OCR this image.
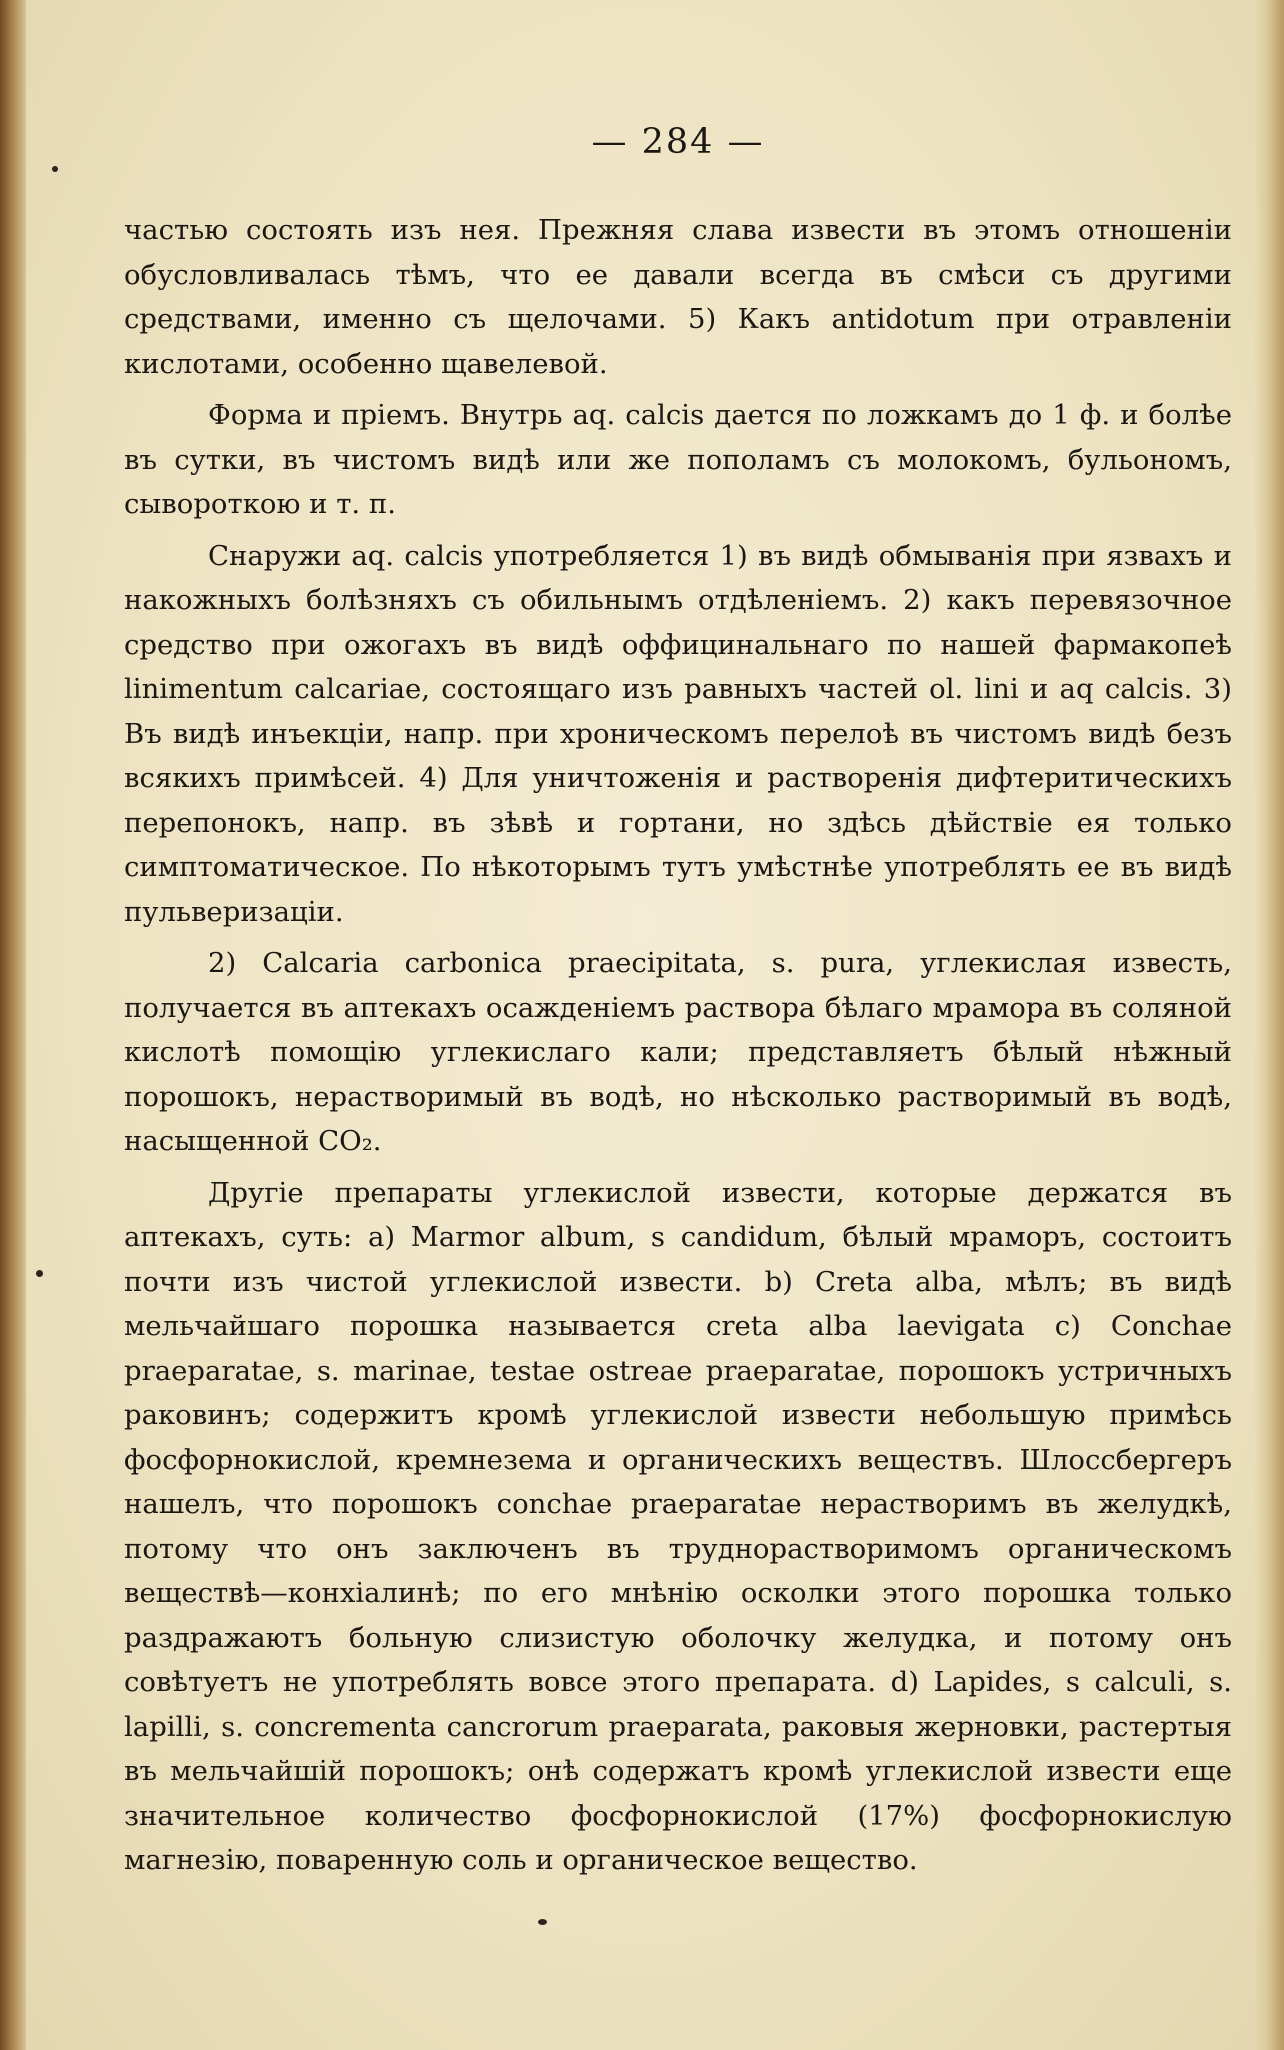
— 284 —

частью состоять изъ нея. Прежняя слава извести въ этомъ отношенiи обусловливалась тѣмъ, что ее давали всегда въ смѣси съ другими средствами, именно съ щелочами. 5) Какъ antidotum при отравленiи кислотами, особенно щавелевой.

Форма и прiемъ. Внутрь aq. calcis дается по ложкамъ до 1 ф. и болѣе въ сутки, въ чистомъ видѣ или же пополамъ съ молокомъ, бульономъ, сывороткою и т. п.

Снаружи aq. calcis употребляется 1) въ видѣ обмыванiя при язвахъ и накожныхъ болѣзняхъ съ обильнымъ отдѣленiемъ. 2) какъ перевязочное средство при ожогахъ въ видѣ оффицинальнаго по нашей фармакопеѣ linimentum calcariae, состоящаго изъ равныхъ частей ol. lini и aq calcis. 3) Въ видѣ инъекцiи, напр. при хроническомъ перелоѣ въ чистомъ видѣ безъ всякихъ примѣсей. 4) Для уничтоженiя и растворенiя дифтеритическихъ перепонокъ, напр. въ зѣвѣ и гортани, но здѣсь дѣйствiе ея только симптоматическое. По нѣкоторымъ тутъ умѣстнѣе употреблять ее въ видѣ пульверизацiи.

2) Calcaria carbonica praecipitata, s. pura, углекислая известь, получается въ аптекахъ осажденiемъ раствора бѣлаго мрамора въ соляной кислотѣ помощiю углекислаго кали; представляетъ бѣлый нѣжный порошокъ, нерастворимый въ водѣ, но нѣсколько растворимый въ водѣ, насыщенной CO₂.

Другiе препараты углекислой извести, которые держатся въ аптекахъ, суть: a) Marmor album, s candidum, бѣлый мраморъ, состоитъ почти изъ чистой углекислой извести. b) Creta alba, мѣлъ; въ видѣ мельчайшаго порошка называется creta alba laevigata c) Conchae praeparatae, s. marinae, testae ostreae praeparatae, порошокъ устричныхъ раковинъ; содержитъ кромѣ углекислой извести небольшую примѣсь фосфорнокислой, кремнезема и органическихъ веществъ. Шлоссбергеръ нашелъ, что порошокъ conchae praeparatae нерастворимъ въ желудкѣ, потому что онъ заключенъ въ труднорастворимомъ органическомъ веществѣ—конхiалинѣ; по его мнѣнiю осколки этого порошка только раздражаютъ больную слизистую оболочку желудка, и потому онъ совѣтуетъ не употреблять вовсе этого препарата. d) Lapides, s calculi, s. lapilli, s. concrementa cancrorum praeparata, раковыя жерновки, растертыя въ мельчайшiй порошокъ; онѣ содержатъ кромѣ углекислой извести еще значительное количество фосфорнокислой (17%) фосфорнокислую магнезiю, поваренную соль и органическое вещество.
